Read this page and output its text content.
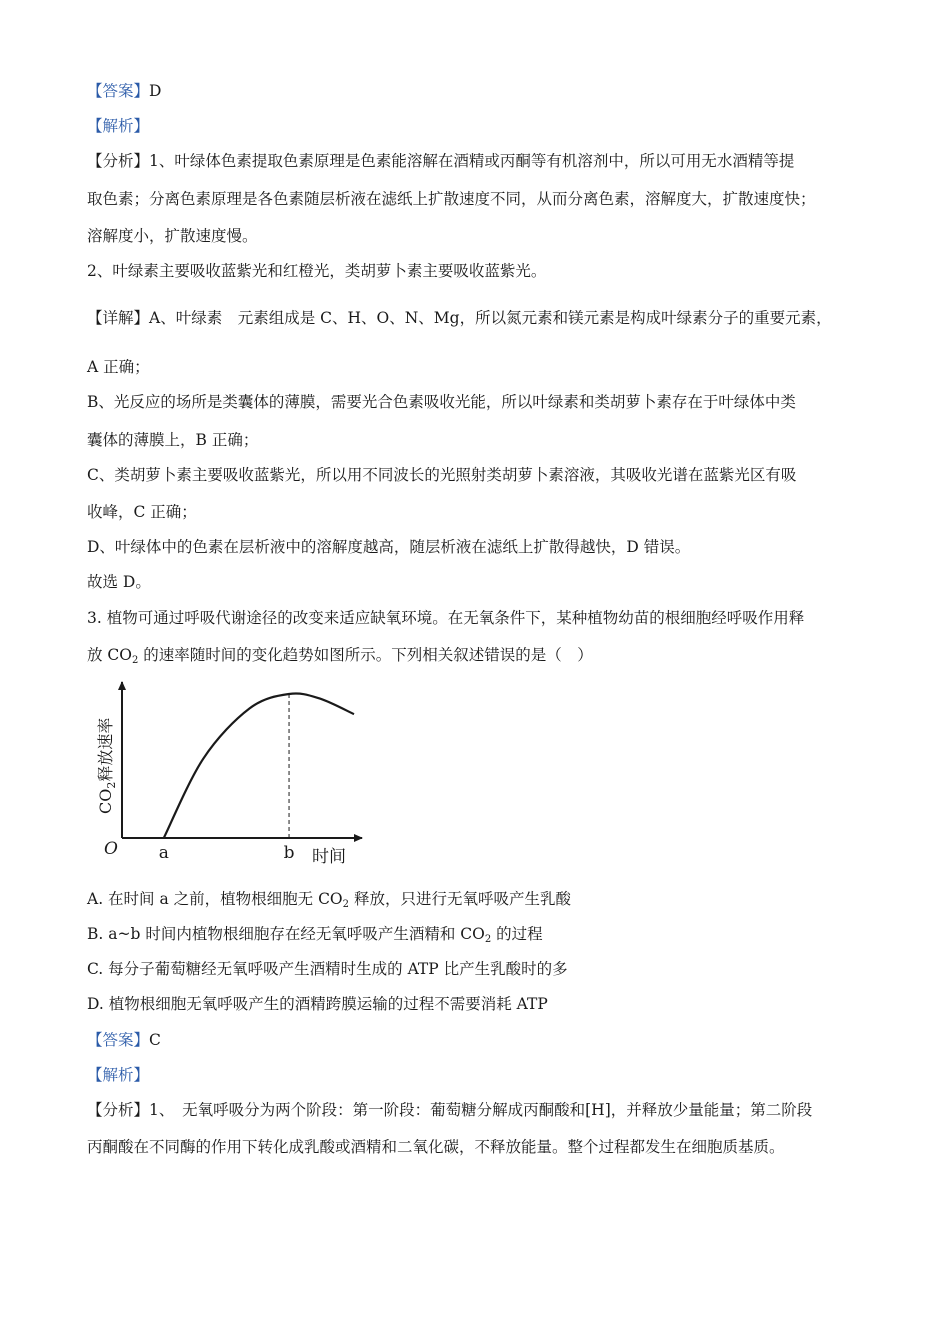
【答案】D
【解析】
【分析】1、叶绿体色素提取色素原理是色素能溶解在酒精或丙酮等有机溶剂中，所以可用无水酒精等提
取色素；分离色素原理是各色素随层析液在滤纸上扩散速度不同，从而分离色素，溶解度大，扩散速度快；
溶解度小，扩散速度慢。
2、叶绿素主要吸收蓝紫光和红橙光，类胡萝卜素主要吸收蓝紫光。
【详解】A、叶绿素　元素组成是 C、H、O、N、Mg，所以氮元素和镁元素是构成叶绿素分子的重要元素，
A 正确；
B、光反应的场所是类囊体的薄膜，需要光合色素吸收光能，所以叶绿素和类胡萝卜素存在于叶绿体中类
囊体的薄膜上，B 正确；
C、类胡萝卜素主要吸收蓝紫光，所以用不同波长的光照射类胡萝卜素溶液，其吸收光谱在蓝紫光区有吸
收峰，C 正确；
D、叶绿体中的色素在层析液中的溶解度越高，随层析液在滤纸上扩散得越快，D 错误。
故选 D。
3. 植物可通过呼吸代谢途径的改变来适应缺氧环境。在无氧条件下，某种植物幼苗的根细胞经呼吸作用释
放 $CO_2$ 的速率随时间的变化趋势如图所示。下列相关叙述错误的是（　）
O a	b 时间
$CO_2$释放速率
A. 在时间 a 之前，植物根细胞无 $CO_2$ 释放，只进行无氧呼吸产生乳酸
B. a~b 时间内植物根细胞存在经无氧呼吸产生酒精和 $CO_2$ 的过程
C. 每分子葡萄糖经无氧呼吸产生酒精时生成的 ATP 比产生乳酸时的多
D. 植物根细胞无氧呼吸产生的酒精跨膜运输的过程不需要消耗 ATP
【答案】C
【解析】
【分析】1、　无氧呼吸分为两个阶段：第一阶段：葡萄糖分解成丙酮酸和[H]，并释放少量能量；第二阶段
丙酮酸在不同酶的作用下转化成乳酸或酒精和二氧化碳，不释放能量。整个过程都发生在细胞质基质。
